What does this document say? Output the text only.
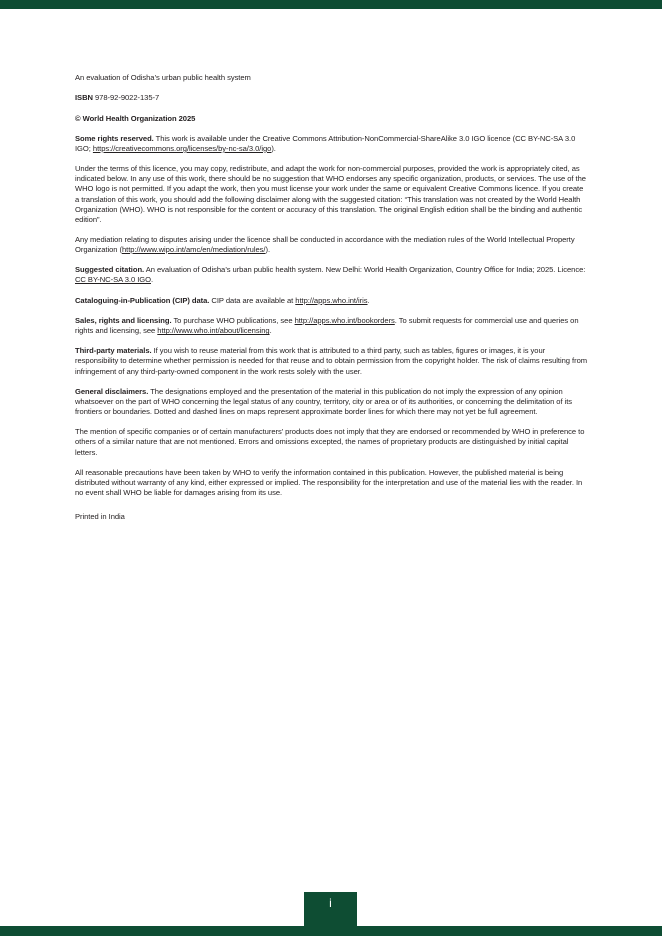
An evaluation of Odisha’s urban public health system

ISBN 978-92-9022-135-7

© World Health Organization 2025

Some rights reserved. This work is available under the Creative Commons Attribution-NonCommercial-ShareAlike 3.0 IGO licence (CC BY-NC-SA 3.0 IGO; https://creativecommons.org/licenses/by-nc-sa/3.0/igo).

Under the terms of this licence, you may copy, redistribute, and adapt the work for non-commercial purposes, provided the work is appropriately cited, as indicated below. In any use of this work, there should be no suggestion that WHO endorses any specific organization, products, or services. The use of the WHO logo is not permitted. If you adapt the work, then you must license your work under the same or equivalent Creative Commons licence. If you create a translation of this work, you should add the following disclaimer along with the suggested citation: “This translation was not created by the World Health Organization (WHO). WHO is not responsible for the content or accuracy of this translation. The original English edition shall be the binding and authentic edition”.

Any mediation relating to disputes arising under the licence shall be conducted in accordance with the mediation rules of the World Intellectual Property Organization (http://www.wipo.int/amc/en/mediation/rules/).

Suggested citation. An evaluation of Odisha’s urban public health system. New Delhi: World Health Organization, Country Office for India; 2025. Licence: CC BY-NC-SA 3.0 IGO.

Cataloguing-in-Publication (CIP) data. CIP data are available at http://apps.who.int/iris.

Sales, rights and licensing. To purchase WHO publications, see http://apps.who.int/bookorders. To submit requests for commercial use and queries on rights and licensing, see http://www.who.int/about/licensing.

Third-party materials. If you wish to reuse material from this work that is attributed to a third party, such as tables, figures or images, it is your responsibility to determine whether permission is needed for that reuse and to obtain permission from the copyright holder. The risk of claims resulting from infringement of any third-party-owned component in the work rests solely with the user.

General disclaimers. The designations employed and the presentation of the material in this publication do not imply the expression of any opinion whatsoever on the part of WHO concerning the legal status of any country, territory, city or area or of its authorities, or concerning the delimitation of its frontiers or boundaries. Dotted and dashed lines on maps represent approximate border lines for which there may not yet be full agreement.

The mention of specific companies or of certain manufacturers’ products does not imply that they are endorsed or recommended by WHO in preference to others of a similar nature that are not mentioned. Errors and omissions excepted, the names of proprietary products are distinguished by initial capital letters.

All reasonable precautions have been taken by WHO to verify the information contained in this publication. However, the published material is being distributed without warranty of any kind, either expressed or implied. The responsibility for the interpretation and use of the material lies with the reader. In no event shall WHO be liable for damages arising from its use.

Printed in India

i
